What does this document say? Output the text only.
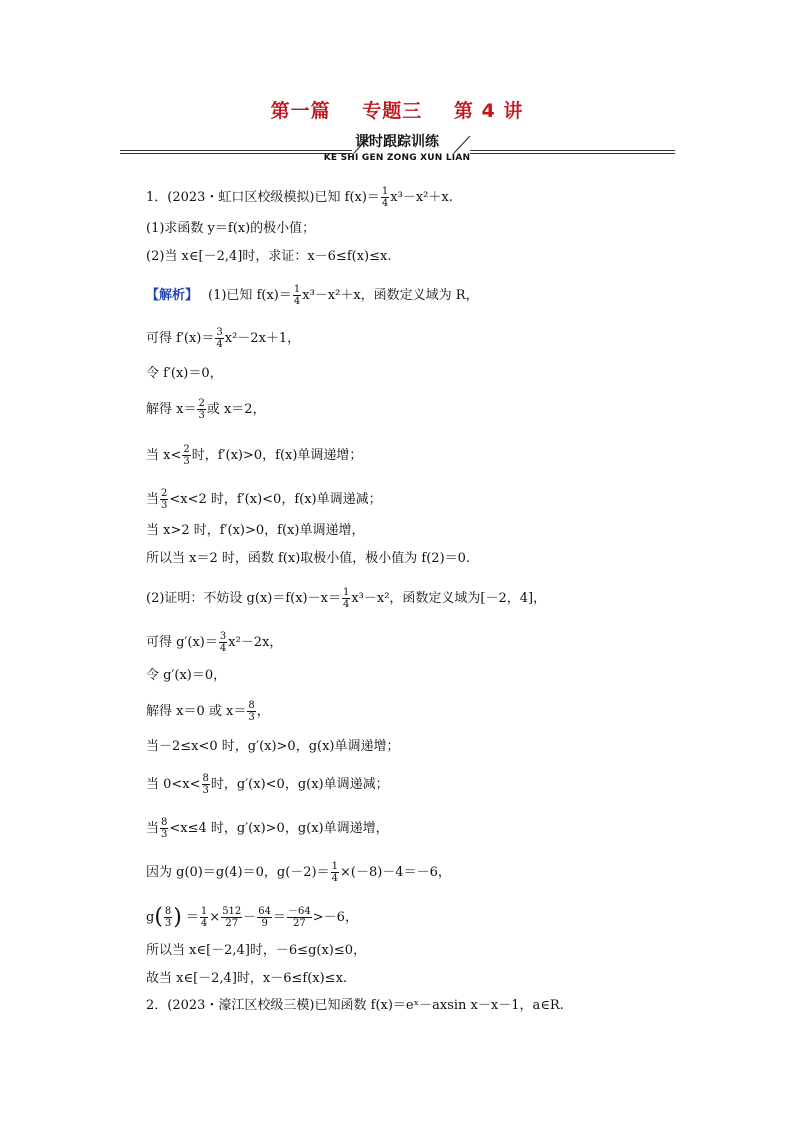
第一篇 专题三 第 4 讲
课时跟踪训练
KE SHI GEN ZONG XUN LIAN
1．(2023・虹口区校级模拟)已知 $f(x)= \frac{1}{4} x^3-x^2+x$.
(1)求函数 y＝f(x)的极小值；
(2)当 x∈[－2,4]时，求证：x－6≤f(x)≤x.
【解析】 (1)已知 $f(x)= \frac{1}{4} x^3-x^2+x$，函数定义域为 R，
可得 $f'(x)= \frac{3}{4} x^2-2x+1$，
令 f′(x)＝0，
解得 $x= \frac{2}{3}$ 或 x＝2，
当 $x< \frac{2}{3}$ 时，f′(x)>0，f(x)单调递增；
当 $\frac{2}{3} <x<2$ 时，f′(x)<0，f(x)单调递减；
当 x>2 时，f′(x)>0，f(x)单调递增，
所以当 x＝2 时，函数 f(x)取极小值，极小值为 f(2)＝0.
(2)证明：不妨设 $g(x)=f(x)-x= \frac{1}{4} x^3-x^2$，函数定义域为[－2，4]，
可得 $g'(x)= \frac{3}{4} x^2-2x$，
令 g′(x)＝0，
解得 x＝0 或 $x= \frac{8}{3}$ ，
当－2≤x<0 时，g′(x)>0，g(x)单调递增；
当 $0<x< \frac{8}{3}$ 时，g′(x)<0，g(x)单调递减；
当 $\frac{8}{3} <x\le 4$ 时，g′(x)>0，g(x)单调递增，
因为 g(0)＝g(4)＝0，$g(-2)= \frac{1}{4} \times(-8)-4=-6$，
$g( \frac{8}{3}$ ) ＝ $\frac{1}{4} \times \frac{512}{27} - \frac{64}{9} = \frac{-64}{27} >-6$，
所以当 x∈[－2,4]时，－6≤g(x)≤0，
故当 x∈[－2,4]时，x－6≤f(x)≤x.
2．(2023・濠江区校级三模)已知函数 f(x)＝eˣ－axsin x－x－1，a∈R.
